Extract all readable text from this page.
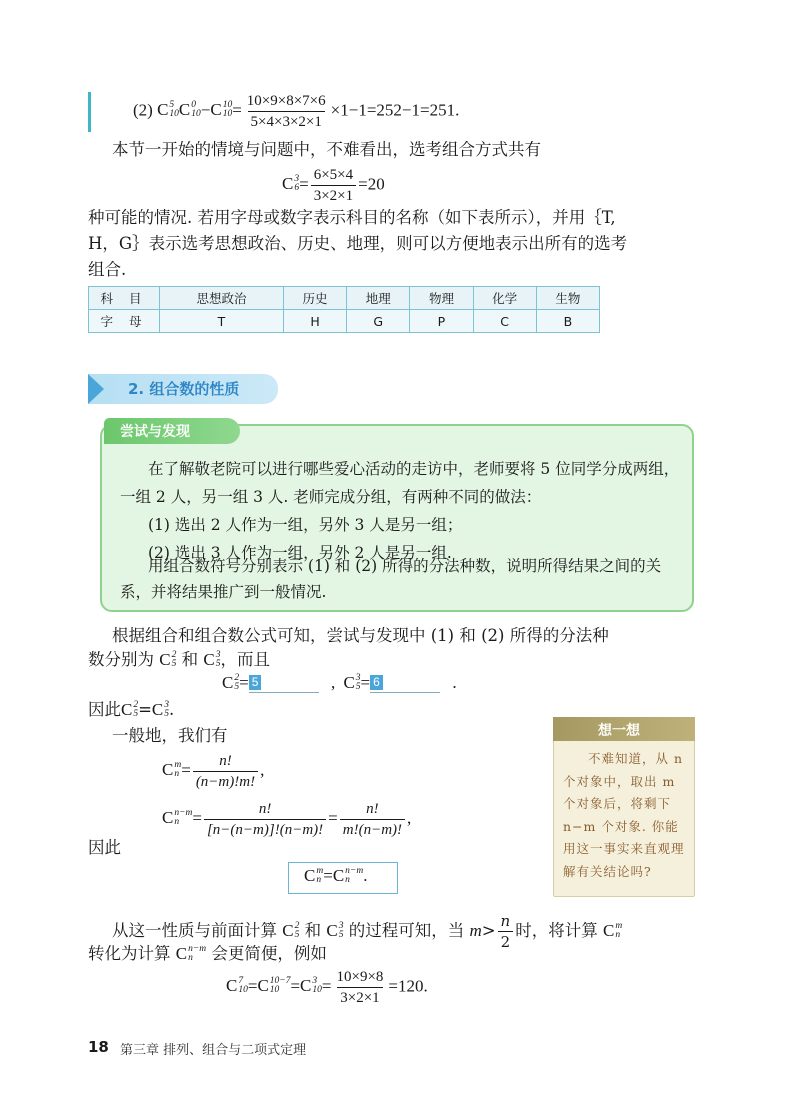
(2) C 5
10 C 0
10 − C 10
$10 = \frac{10\times 9\times 8\times 7\times 6}{5\times 4\times 3\times 2\times 1} \times 1-1=252-1=251$.
本节一开始的情境与问题中，不难看出，选考组合方式共有
C 3
$6 = \frac{6\times 5\times 4}{3\times 2\times 1} =20$
种可能的情况. 若用字母或数字表示科目的名称（如下表所示），并用｛T,
H，G｝表示选考思想政治、历史、地理，则可以方便地表示出所有的选考
组合.
科 目	思想政治	历史	地理	物理	化学	生物
字 母	T	H	G	P	C	B
2. 组合数的性质
尝试与发现
在了解敬老院可以进行哪些爱心活动的走访中，老师要将 5 位同学分成两组，
一组 2 人，另一组 3 人. 老师完成分组，有两种不同的做法：
(1) 选出 2 人作为一组，另外 3 人是另一组；
(2) 选出 3 人作为一组，另外 2 人是另一组.
用组合数符号分别表示 (1) 和 (2) 所得的分法种数，说明所得结果之间的关
系，并将结果推广到一般情况.
根据组合和组合数公式可知，尝试与发现中 (1) 和 (2) 所得的分法种
数分别为 C 2
5 和 C 3
5 ，而且
C 2
5 = 5	, C 3
5 = 6	.
因此 C 2
5 = C 3
5 .
一般地，我们有
C m
$n = \frac{n!}{(n-m)!m!}$ ,
C n−m
$n = \frac{n!}{[n-(n-m)]!(n-m)!} = \frac{n!}{m!(n-m)!}$ ,
因此
C m
n = C n−m
n .
想一想
不难知道，从 n 个对象中，取出 m 个对象后，将剩下 n−m 个对象. 你能用这一事实来直观理解有关结论吗?
从这一性质与前面计算 C 2
5 和 C 3
5 的过程可知，当 $m> \frac{n}{2}$ 时，将计算 C m
n
转化为计算 C n−m
n	会更简便，例如
C 7
10 = C 10−7
10 = C 3
$10 = \frac{10\times 9\times 8}{3\times 2\times 1} =120$.
18 第三章 排列、组合与二项式定理
